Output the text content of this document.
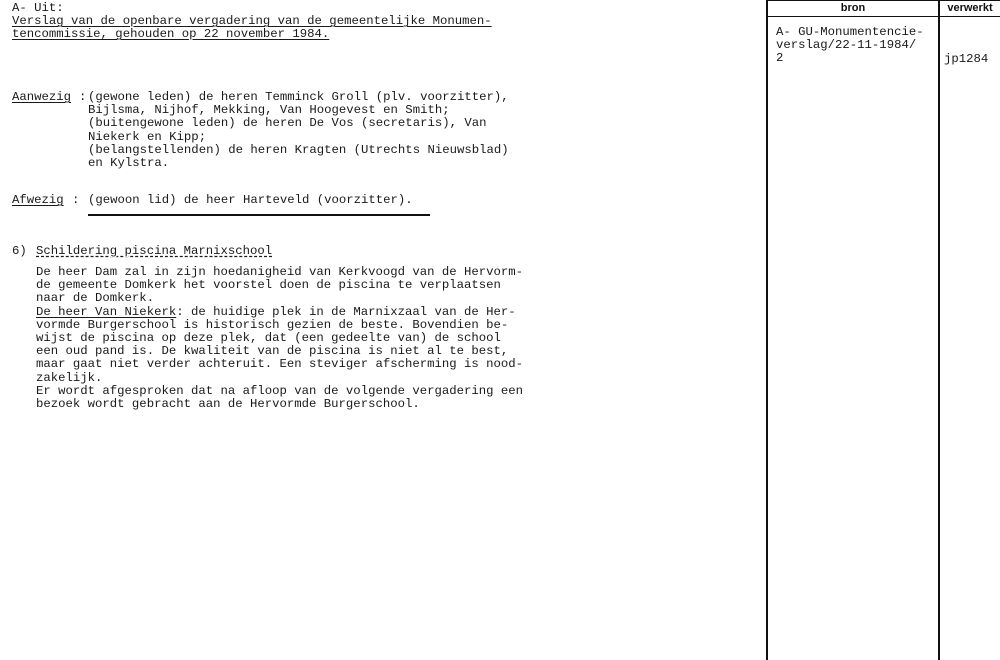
A- Uit:
Verslag van de openbare vergadering van de gemeentelijke Monumen-
tencommissie, gehouden op 22 november 1984.
Aanwezig : (gewone leden) de heren Temminck Groll (plv. voorzitter),
Bijlsma, Nijhof, Mekking, Van Hoogevest en Smith;
(buitengewone leden) de heren De Vos (secretaris), Van
Niekerk en Kipp;
(belangstellenden) de heren Kragten (Utrechts Nieuwsblad)
en Kylstra.
Afwezig : (gewoon lid) de heer Harteveld (voorzitter).
6) Schildering piscina Marnixschool
De heer Dam zal in zijn hoedanigheid van Kerkvoogd van de Hervorm-
de gemeente Domkerk het voorstel doen de piscina te verplaatsen
naar de Domkerk.
De heer Van Niekerk: de huidige plek in de Marnixzaal van de Her-
vormde Burgerschool is historisch gezien de beste. Bovendien be-
wijst de piscina op deze plek, dat (een gedeelte van) de school
een oud pand is. De kwaliteit van de piscina is niet al te best,
maar gaat niet verder achteruit. Een steviger afscherming is nood-
zakelijk.
Er wordt afgesproken dat na afloop van de volgende vergadering een
bezoek wordt gebracht aan de Hervormde Burgerschool.
bron	verwerkt
A- GU-Monumentencie-
verslag/22-11-1984/
2	jp1284
